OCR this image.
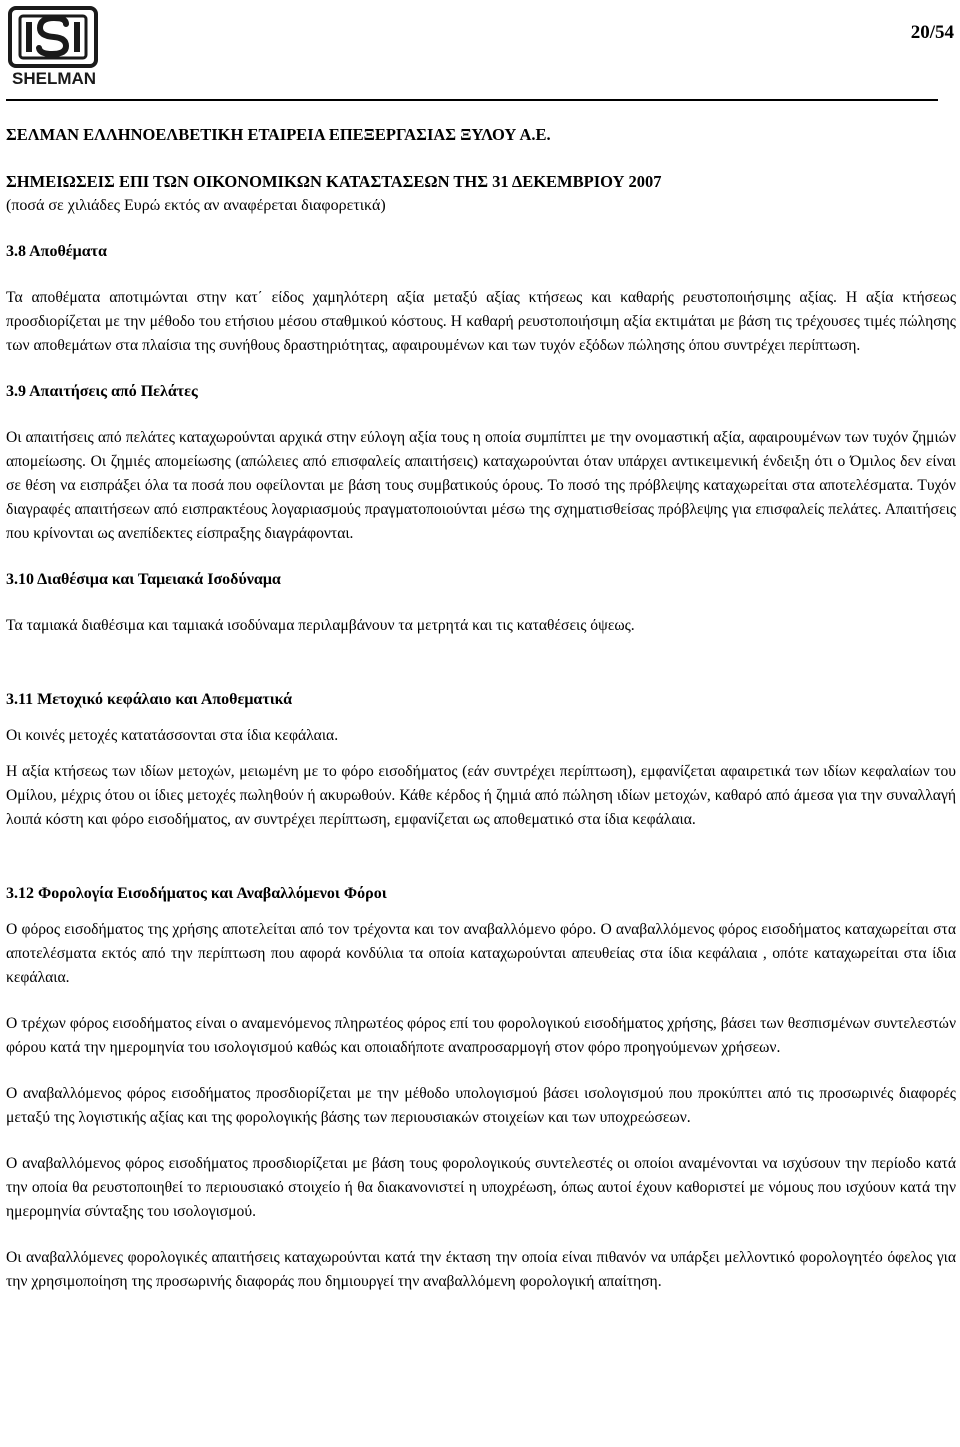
SHELMAN
20/54
ΣΕΛΜΑΝ ΕΛΛΗΝΟΕΛΒΕΤΙΚΗ ΕΤΑΙΡΕΙΑ ΕΠΕΞΕΡΓΑΣΙΑΣ ΞΥΛΟΥ Α.Ε.
ΣΗΜΕΙΩΣΕΙΣ ΕΠΙ ΤΩΝ ΟΙΚΟΝΟΜΙΚΩΝ ΚΑΤΑΣΤΑΣΕΩΝ ΤΗΣ 31 ΔΕΚΕΜΒΡΙΟΥ 2007
(ποσά σε χιλιάδες Ευρώ εκτός αν αναφέρεται διαφορετικά)
3.8 Αποθέματα

Τα αποθέματα αποτιμώνται στην κατ΄ είδος χαμηλότερη αξία μεταξύ αξίας κτήσεως και καθαρής ρευστοποιήσιμης αξίας. Η αξία κτήσεως προσδιορίζεται με την μέθοδο του ετήσιου μέσου σταθμικού κόστους. Η καθαρή ρευστοποιήσιμη αξία εκτιμάται με βάση τις τρέχουσες τιμές πώλησης των αποθεμάτων στα πλαίσια της συνήθους δραστηριότητας, αφαιρουμένων και των τυχόν εξόδων πώλησης όπου συντρέχει περίπτωση.

3.9 Απαιτήσεις από Πελάτες

Οι απαιτήσεις από πελάτες καταχωρούνται αρχικά στην εύλογη αξία τους η οποία συμπίπτει με την ονομαστική αξία, αφαιρουμένων των τυχόν ζημιών απομείωσης. Οι ζημιές απομείωσης (απώλειες από επισφαλείς απαιτήσεις) καταχωρούνται όταν υπάρχει αντικειμενική ένδειξη ότι ο Όμιλος δεν είναι σε θέση να εισπράξει όλα τα ποσά που οφείλονται με βάση τους συμβατικούς όρους. Το ποσό της πρόβλεψης καταχωρείται στα αποτελέσματα. Τυχόν διαγραφές απαιτήσεων από εισπρακτέους λογαριασμούς πραγματοποιούνται μέσω της σχηματισθείσας πρόβλεψης για επισφαλείς πελάτες. Απαιτήσεις που κρίνονται ως ανεπίδεκτες είσπραξης διαγράφονται.

3.10 Διαθέσιμα και Ταμειακά Ισοδύναμα

Τα ταμιακά διαθέσιμα και ταμιακά ισοδύναμα περιλαμβάνουν τα μετρητά και τις καταθέσεις όψεως.

3.11 Μετοχικό κεφάλαιο και Αποθεματικά

Οι κοινές μετοχές κατατάσσονται στα ίδια κεφάλαια.

Η αξία κτήσεως των ιδίων μετοχών, μειωμένη με το φόρο εισοδήματος (εάν συντρέχει περίπτωση), εμφανίζεται αφαιρετικά των ιδίων κεφαλαίων του Ομίλου, μέχρις ότου οι ίδιες μετοχές πωληθούν ή ακυρωθούν. Κάθε κέρδος ή ζημιά από πώληση ιδίων μετοχών, καθαρό από άμεσα για την συναλλαγή λοιπά κόστη και φόρο εισοδήματος, αν συντρέχει περίπτωση, εμφανίζεται ως αποθεματικό στα ίδια κεφάλαια.

3.12 Φορολογία Εισοδήματος και Αναβαλλόμενοι Φόροι

Ο φόρος εισοδήματος της χρήσης αποτελείται από τον τρέχοντα και τον αναβαλλόμενο φόρο. Ο αναβαλλόμενος φόρος εισοδήματος καταχωρείται στα αποτελέσματα εκτός από την περίπτωση που αφορά κονδύλια τα οποία καταχωρούνται απευθείας στα ίδια κεφάλαια , οπότε καταχωρείται στα ίδια κεφάλαια.

Ο τρέχων φόρος εισοδήματος είναι ο αναμενόμενος πληρωτέος φόρος επί του φορολογικού εισοδήματος χρήσης, βάσει των θεσπισμένων συντελεστών φόρου κατά την ημερομηνία του ισολογισμού καθώς και οποιαδήποτε αναπροσαρμογή στον φόρο προηγούμενων χρήσεων.

Ο αναβαλλόμενος φόρος εισοδήματος προσδιορίζεται με την μέθοδο υπολογισμού βάσει ισολογισμού που προκύπτει από τις προσωρινές διαφορές μεταξύ της λογιστικής αξίας και της φορολογικής βάσης των περιουσιακών στοιχείων και των υποχρεώσεων.

Ο αναβαλλόμενος φόρος εισοδήματος προσδιορίζεται με βάση τους φορολογικούς συντελεστές οι οποίοι αναμένονται να ισχύσουν την περίοδο κατά την οποία θα ρευστοποιηθεί το περιουσιακό στοιχείο ή θα διακανονιστεί η υποχρέωση, όπως αυτοί έχουν καθοριστεί με νόμους που ισχύουν κατά την ημερομηνία σύνταξης του ισολογισμού.

Οι αναβαλλόμενες φορολογικές απαιτήσεις καταχωρούνται κατά την έκταση την οποία είναι πιθανόν να υπάρξει μελλοντικό φορολογητέο όφελος για την χρησιμοποίηση της προσωρινής διαφοράς που δημιουργεί την αναβαλλόμενη φορολογική απαίτηση.
